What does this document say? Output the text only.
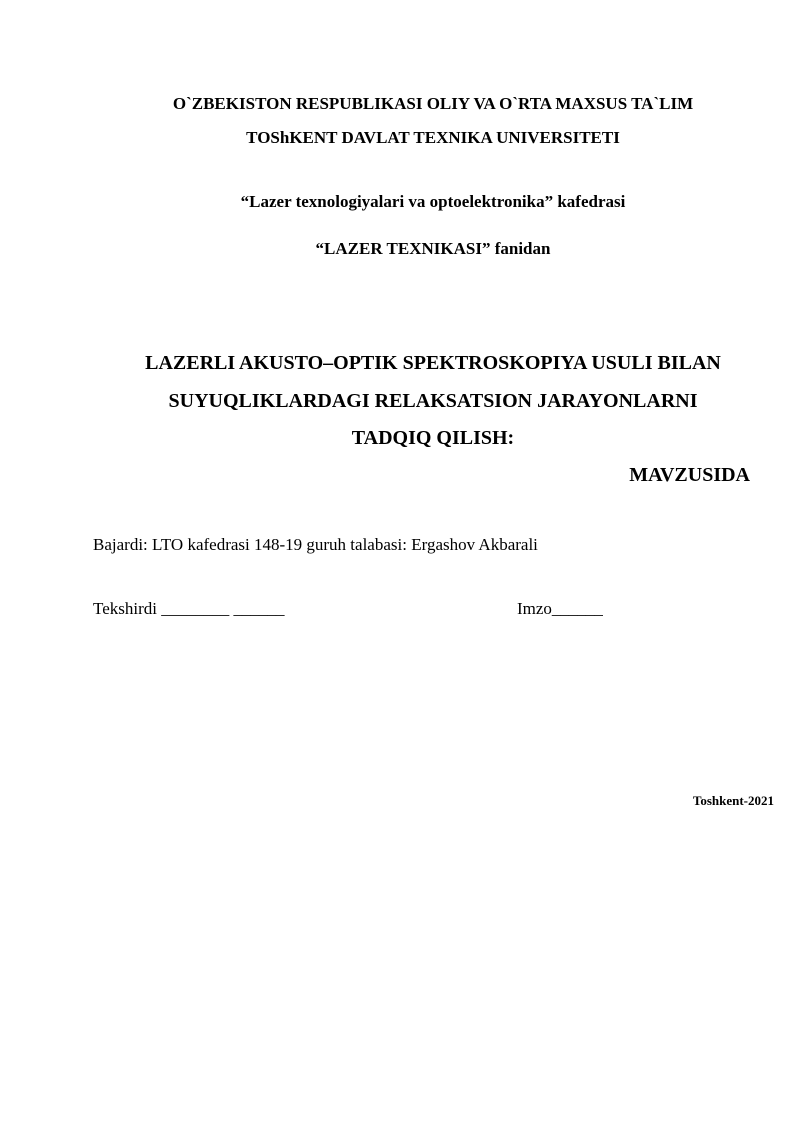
O`ZBEKISTON RESPUBLIKASI OLIY VA O`RTA MAXSUS TA`LIM
TOShKENT DAVLAT TEXNIKA UNIVERSITETI
“Lazer texnologiyalari va optoelektronika” kafedrasi
“LAZER TEXNIKASI” fanidan
LAZERLI AKUSTO–OPTIK SPEKTROSKOPIYA USULI BILAN
SUYUQLIKLARDAGI RELAKSATSION JARAYONLARNI
TADQIQ QILISH:
MAVZUSIDA
Bajardi: LTO kafedrasi 148-19 guruh talabasi: Ergashov Akbarali
Tekshirdi ________ ______	Imzo______
Toshkent-2021
